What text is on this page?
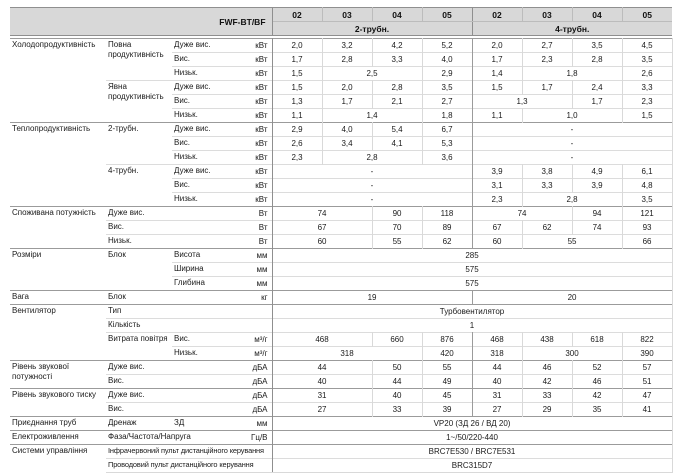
FWF-BT/BF				02	03	04	05	02	03	04	05
				2-трубн.				4-трубн.			

Холодопродуктивність	Повна продуктивність	Дуже вис.	кВт	2,0	3,2	4,2	5,2	2,0	2,7	3,5	4,5
		Вис.	кВт	1,7	2,8	3,3	4,0	1,7	2,3	2,8	3,5
		Низьк.	кВт	1,5	2,5		2,9	1,4	1,8		2,6
	Явна продуктивність	Дуже вис.	кВт	1,5	2,0	2,8	3,5	1,5	1,7	2,4	3,3
		Вис.	кВт	1,3	1,7	2,1	2,7	1,3		1,7	2,3
		Низьк.	кВт	1,1	1,4		1,8	1,1	1,0		1,5
Теплопродуктивність	2-трубн.	Дуже вис.	кВт	2,9	4,0	5,4	6,7	-			
		Вис.	кВт	2,6	3,4	4,1	5,3	-			
		Низьк.	кВт	2,3	2,8		3,6	-			
	4-трубн.	Дуже вис.	кВт	-				3,9	3,8	4,9	6,1
		Вис.	кВт	-				3,1	3,3	3,9	4,8
		Низьк.	кВт	-				2,3	2,8		3,5
Споживана потужність	Дуже вис.		Вт	74		90	118	74		94	121
	Вис.		Вт	67		70	89	67	62	74	93
	Низьк.		Вт	60		55	62	60	55		66
Розміри	Блок	Висота	мм	285							
		Ширина	мм	575							
		Глибина	мм	575							
Вага	Блок		кг	19				20			
Вентилятор	Тип			Турбовентилятор							
	Кількість			1							
	Витрата повітря	Вис.	м³/г	468		660	876	468	438	618	822
		Низьк.	м³/г	318			420	318	300		390
Рівень звукової потужності	Дуже вис.		дБА	44		50	55	44	46	52	57
	Вис.		дБА	40		44	49	40	42	46	51
Рівень звукового тиску	Дуже вис.		дБА	31		40	45	31	33	42	47
	Вис.		дБА	27		33	39	27	29	35	41
Приєднання труб	Дренаж	ЗД	мм	VP20 (ЗД 26 / ВД 20)							
Електроживлення	Фаза/Частота/Напруга		Гц/В	1~/50/220-440							
Системи управління	Інфрачервоний пульт дистанційного керування			BRC7E530 / BRC7E531							
	Проводовий пульт дистанційного керування			BRC315D7							
